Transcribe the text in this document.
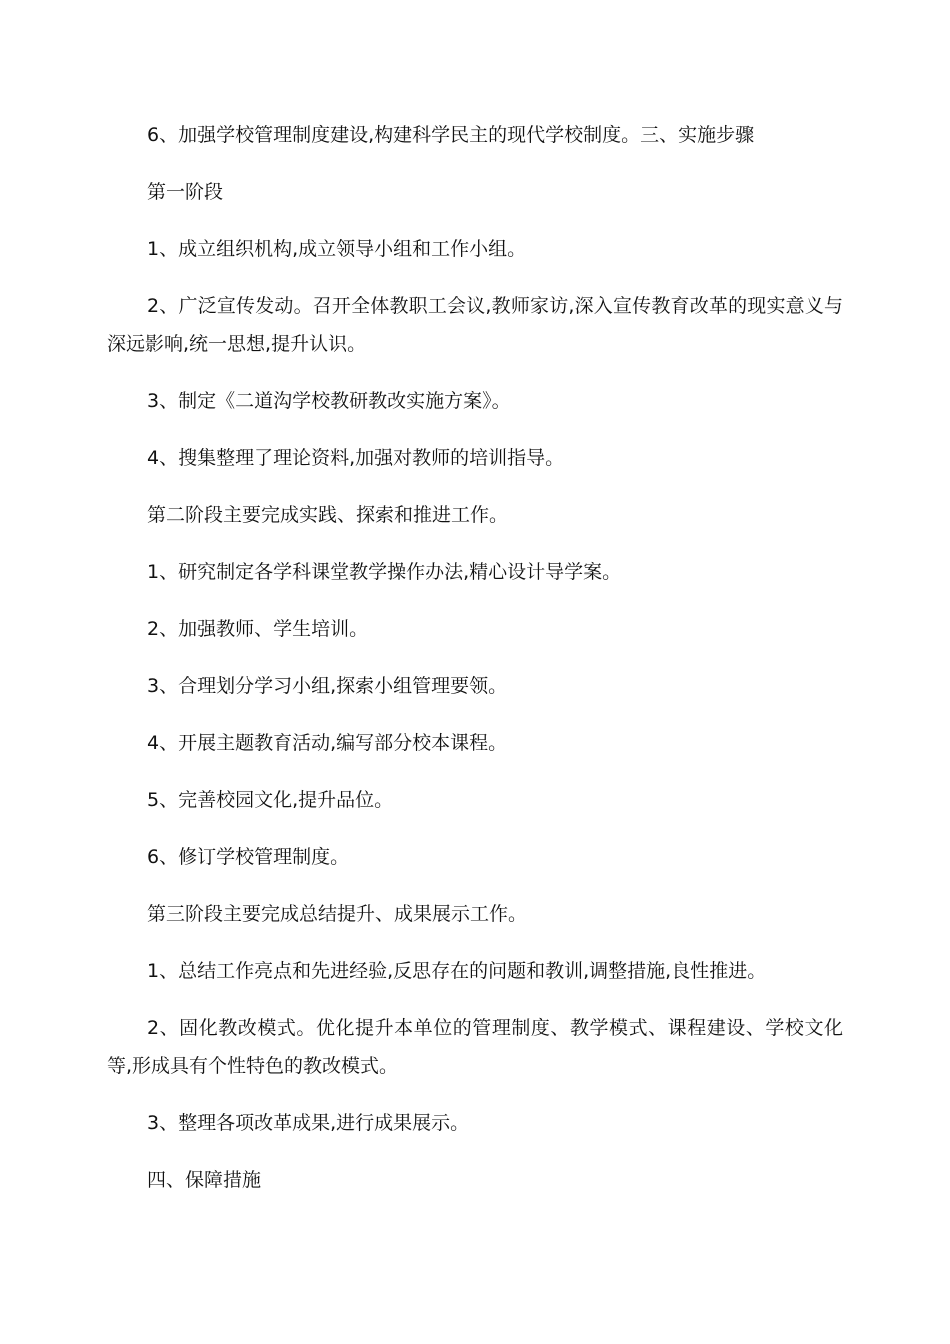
6、加强学校管理制度建设,构建科学民主的现代学校制度。三、实施步骤

第一阶段

1、成立组织机构,成立领导小组和工作小组。

2、广泛宣传发动。召开全体教职工会议,教师家访,深入宣传教育改革的现实意义与深远影响,统一思想,提升认识。

3、制定《二道沟学校教研教改实施方案》。

4、搜集整理了理论资料,加强对教师的培训指导。

第二阶段主要完成实践、探索和推进工作。

1、研究制定各学科课堂教学操作办法,精心设计导学案。

2、加强教师、学生培训。

3、合理划分学习小组,探索小组管理要领。

4、开展主题教育活动,编写部分校本课程。

5、完善校园文化,提升品位。

6、修订学校管理制度。

第三阶段主要完成总结提升、成果展示工作。

1、总结工作亮点和先进经验,反思存在的问题和教训,调整措施,良性推进。

2、固化教改模式。优化提升本单位的管理制度、教学模式、课程建设、学校文化等,形成具有个性特色的教改模式。

3、整理各项改革成果,进行成果展示。

四、保障措施
